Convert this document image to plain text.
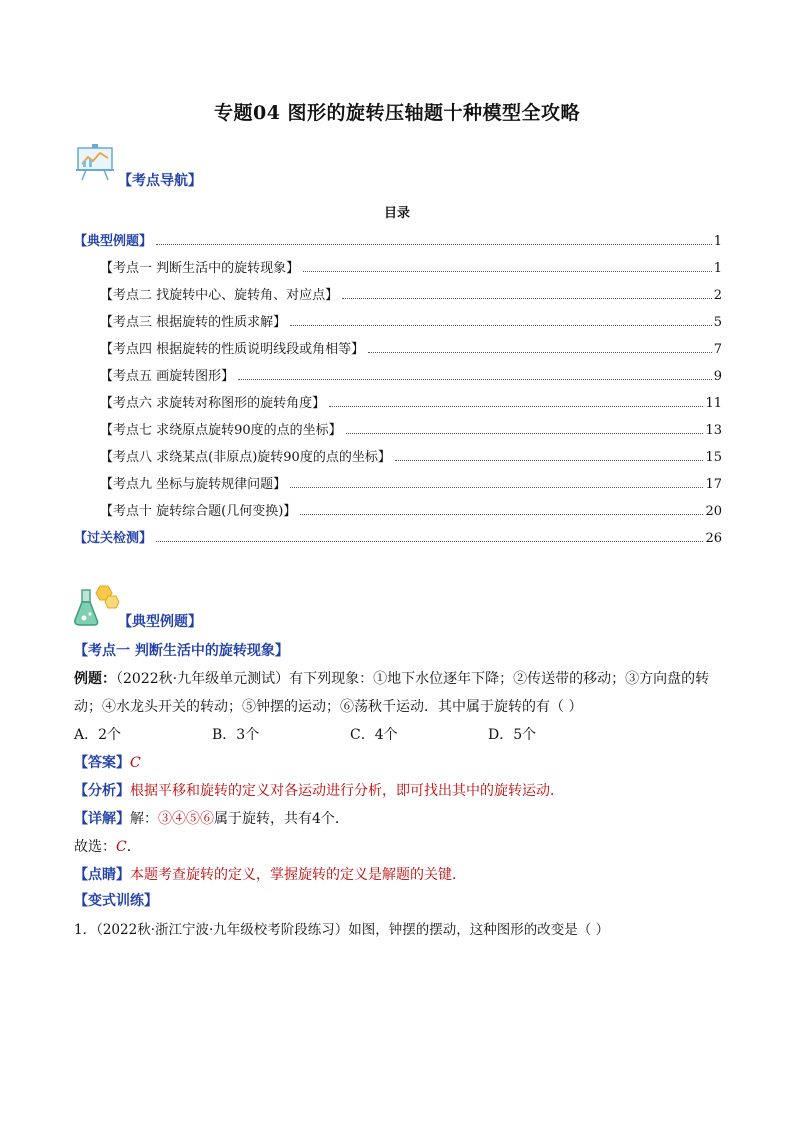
专题04 图形的旋转压轴题十种模型全攻略
【考点导航】
目录
【典型例题】	1
【考点一 判断生活中的旋转现象】	1
【考点二 找旋转中心、旋转角、对应点】	2
【考点三 根据旋转的性质求解】	5
【考点四 根据旋转的性质说明线段或角相等】	7
【考点五 画旋转图形】	9
【考点六 求旋转对称图形的旋转角度】	11
【考点七 求绕原点旋转90度的点的坐标】	13
【考点八 求绕某点(非原点)旋转90度的点的坐标】	15
【考点九 坐标与旋转规律问题】	17
【考点十 旋转综合题(几何变换)】	20
【过关检测】	26
【典型例题】
【考点一 判断生活中的旋转现象】
例题：（2022秋·九年级单元测试）有下列现象：①地下水位逐年下降；②传送带的移动；③方向盘的转
动；④水龙头开关的转动；⑤钟摆的运动；⑥荡秋千运动．其中属于旋转的有（ ）
A．2个	B．3个	C．4个	D．5个
【答案】C
【分析】根据平移和旋转的定义对各运动进行分析，即可找出其中的旋转运动．
【详解】解：③④⑤⑥属于旋转，共有4个．
故选：C．
【点睛】本题考查旋转的定义，掌握旋转的定义是解题的关键．
【变式训练】
1．（2022秋·浙江宁波·九年级校考阶段练习）如图，钟摆的摆动，这种图形的改变是（ ）
